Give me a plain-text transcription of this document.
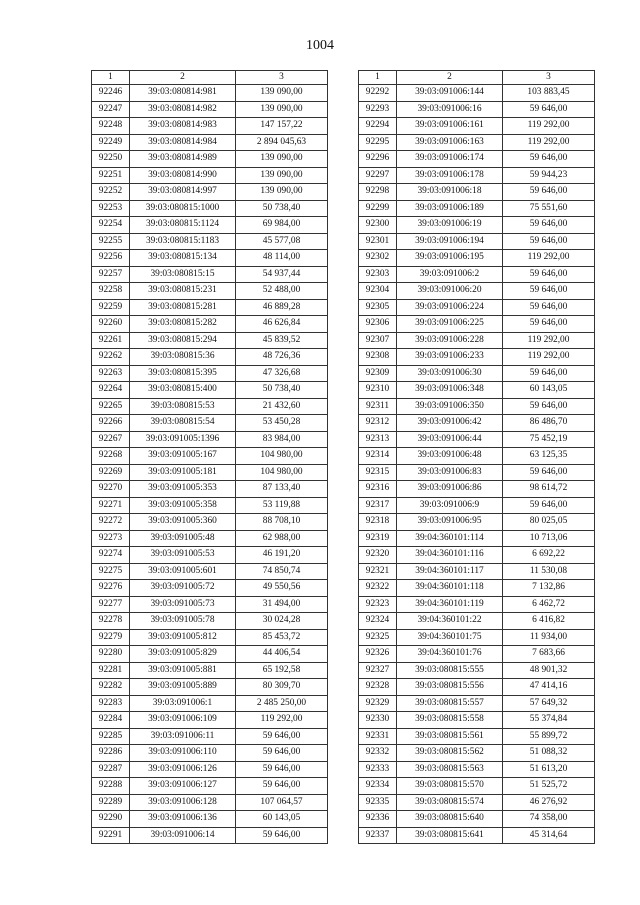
1004
1	2	3
92246	39:03:080814:981	139 090,00
92247	39:03:080814:982	139 090,00
92248	39:03:080814:983	147 157,22
92249	39:03:080814:984	2 894 045,63
92250	39:03:080814:989	139 090,00
92251	39:03:080814:990	139 090,00
92252	39:03:080814:997	139 090,00
92253	39:03:080815:1000	50 738,40
92254	39:03:080815:1124	69 984,00
92255	39:03:080815:1183	45 577,08
92256	39:03:080815:134	48 114,00
92257	39:03:080815:15	54 937,44
92258	39:03:080815:231	52 488,00
92259	39:03:080815:281	46 889,28
92260	39:03:080815:282	46 626,84
92261	39:03:080815:294	45 839,52
92262	39:03:080815:36	48 726,36
92263	39:03:080815:395	47 326,68
92264	39:03:080815:400	50 738,40
92265	39:03:080815:53	21 432,60
92266	39:03:080815:54	53 450,28
92267	39:03:091005:1396	83 984,00
92268	39:03:091005:167	104 980,00
92269	39:03:091005:181	104 980,00
92270	39:03:091005:353	87 133,40
92271	39:03:091005:358	53 119,88
92272	39:03:091005:360	88 708,10
92273	39:03:091005:48	62 988,00
92274	39:03:091005:53	46 191,20
92275	39:03:091005:601	74 850,74
92276	39:03:091005:72	49 550,56
92277	39:03:091005:73	31 494,00
92278	39:03:091005:78	30 024,28
92279	39:03:091005:812	85 453,72
92280	39:03:091005:829	44 406,54
92281	39:03:091005:881	65 192,58
92282	39:03:091005:889	80 309,70
92283	39:03:091006:1	2 485 250,00
92284	39:03:091006:109	119 292,00
92285	39:03:091006:11	59 646,00
92286	39:03:091006:110	59 646,00
92287	39:03:091006:126	59 646,00
92288	39:03:091006:127	59 646,00
92289	39:03:091006:128	107 064,57
92290	39:03:091006:136	60 143,05
92291	39:03:091006:14	59 646,00
1	2	3
92292	39:03:091006:144	103 883,45
92293	39:03:091006:16	59 646,00
92294	39:03:091006:161	119 292,00
92295	39:03:091006:163	119 292,00
92296	39:03:091006:174	59 646,00
92297	39:03:091006:178	59 944,23
92298	39:03:091006:18	59 646,00
92299	39:03:091006:189	75 551,60
92300	39:03:091006:19	59 646,00
92301	39:03:091006:194	59 646,00
92302	39:03:091006:195	119 292,00
92303	39:03:091006:2	59 646,00
92304	39:03:091006:20	59 646,00
92305	39:03:091006:224	59 646,00
92306	39:03:091006:225	59 646,00
92307	39:03:091006:228	119 292,00
92308	39:03:091006:233	119 292,00
92309	39:03:091006:30	59 646,00
92310	39:03:091006:348	60 143,05
92311	39:03:091006:350	59 646,00
92312	39:03:091006:42	86 486,70
92313	39:03:091006:44	75 452,19
92314	39:03:091006:48	63 125,35
92315	39:03:091006:83	59 646,00
92316	39:03:091006:86	98 614,72
92317	39:03:091006:9	59 646,00
92318	39:03:091006:95	80 025,05
92319	39:04:360101:114	10 713,06
92320	39:04:360101:116	6 692,22
92321	39:04:360101:117	11 530,08
92322	39:04:360101:118	7 132,86
92323	39:04:360101:119	6 462,72
92324	39:04:360101:22	6 416,82
92325	39:04:360101:75	11 934,00
92326	39:04:360101:76	7 683,66
92327	39:03:080815:555	48 901,32
92328	39:03:080815:556	47 414,16
92329	39:03:080815:557	57 649,32
92330	39:03:080815:558	55 374,84
92331	39:03:080815:561	55 899,72
92332	39:03:080815:562	51 088,32
92333	39:03:080815:563	51 613,20
92334	39:03:080815:570	51 525,72
92335	39:03:080815:574	46 276,92
92336	39:03:080815:640	74 358,00
92337	39:03:080815:641	45 314,64
